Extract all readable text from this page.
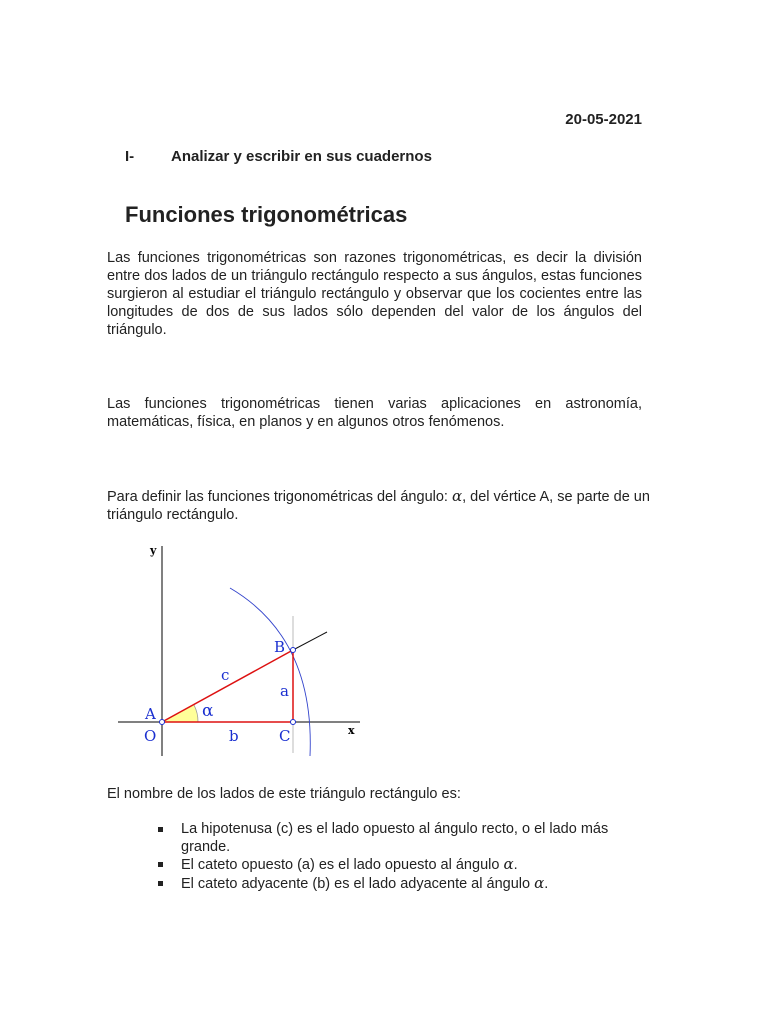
20-05-2021
I- Analizar y escribir en sus cuadernos
Funciones trigonométricas

Las funciones trigonométricas son razones trigonométricas, es decir la división entre dos lados de un triángulo rectángulo respecto a sus ángulos, estas funciones surgieron al estudiar el triángulo rectángulo y observar que los cocientes entre las longitudes de dos de sus lados sólo dependen del valor de los ángulos del triángulo.

Las funciones trigonométricas tienen varias aplicaciones en astronomía, matemáticas, física, en planos y en algunos otros fenómenos.

Para definir las funciones trigonométricas del ángulo: α, del vértice A, se parte de un triángulo rectángulo.

y
x
B
A
O	C
c
a
b
α

El nombre de los lados de este triángulo rectángulo es:

La hipotenusa (c) es el lado opuesto al ángulo recto, o el lado más grande.
El cateto opuesto (a) es el lado opuesto al ángulo α.
El cateto adyacente (b) es el lado adyacente al ángulo α.
